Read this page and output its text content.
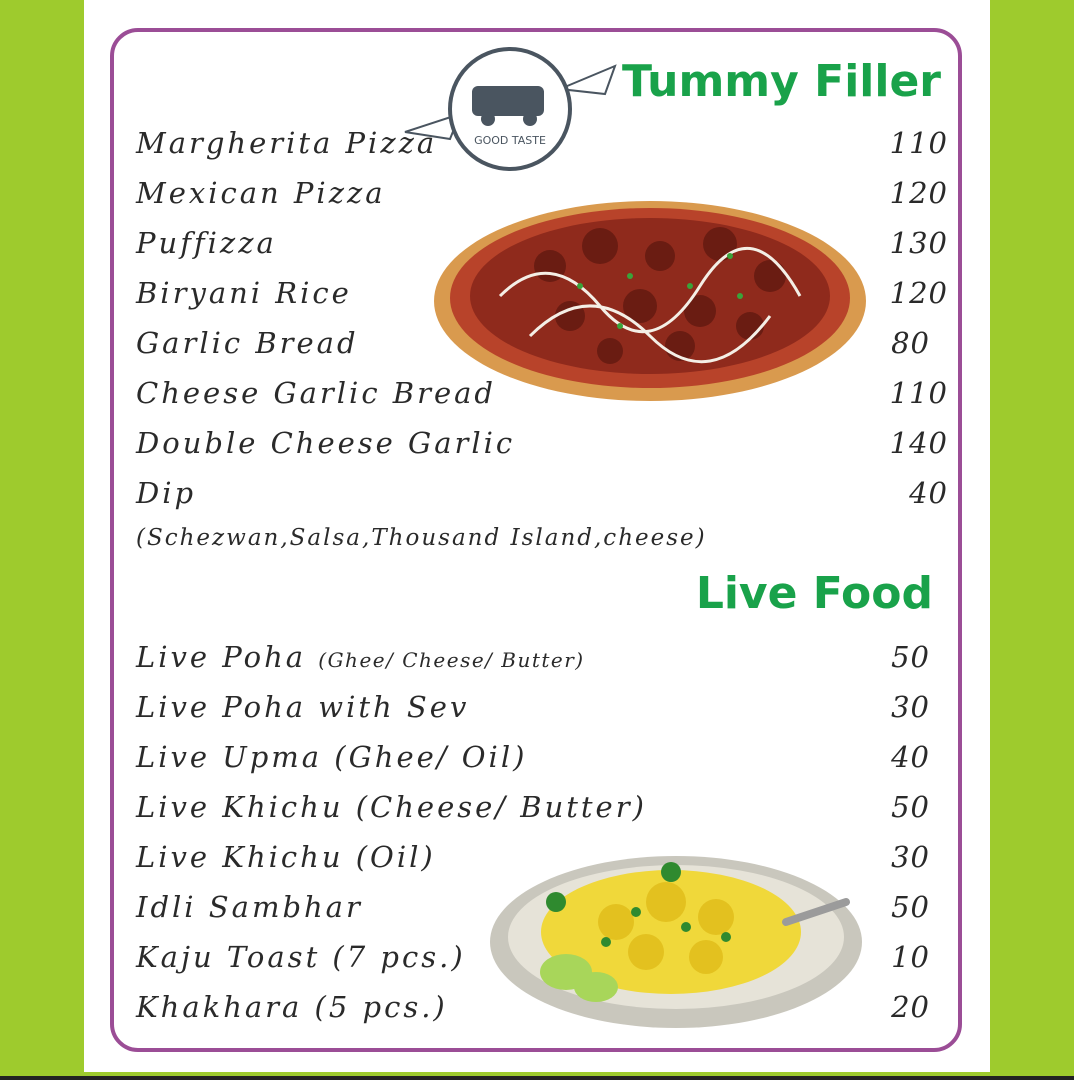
GOOD TASTE
Tummy Filler
Margherita Pizza	110
Mexican Pizza	120
Puffizza	130
Biryani Rice	120
Garlic Bread	80
Cheese Garlic Bread	110
Double Cheese Garlic	140
Dip	40
(Schezwan,Salsa,Thousand Island,cheese)
Live Food
Live Poha (Ghee/ Cheese/ Butter)	50
Live Poha with Sev	30
Live Upma (Ghee/ Oil)	40
Live Khichu (Cheese/ Butter)	50
Live Khichu (Oil)	30
Idli Sambhar	50
Kaju Toast (7 pcs.)	10
Khakhara (5 pcs.)	20
